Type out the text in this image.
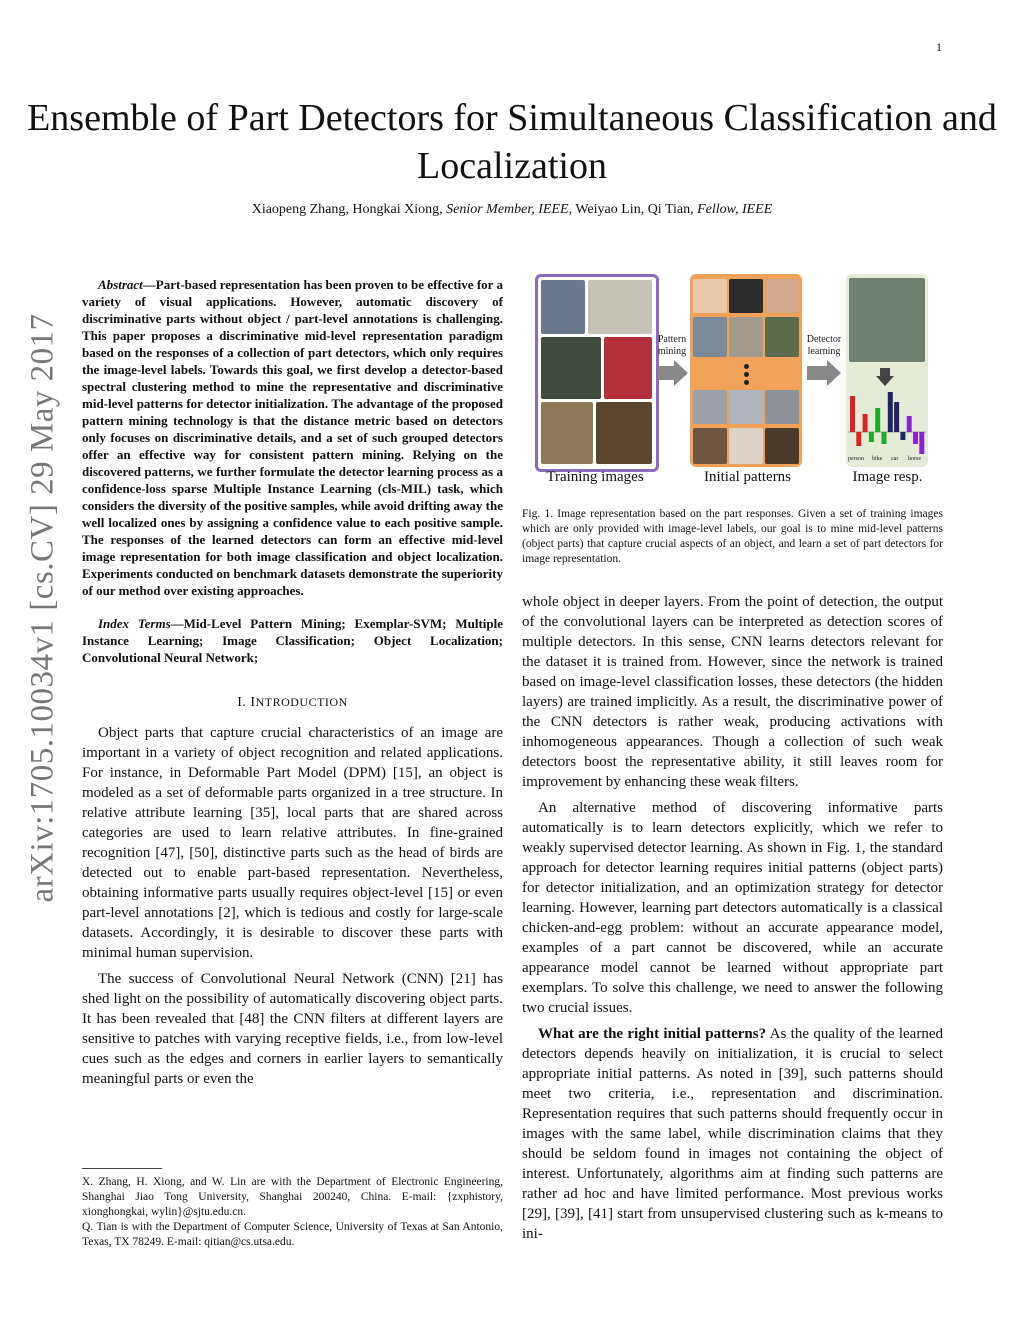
1
arXiv:1705.10034v1 [cs.CV] 29 May 2017
Ensemble of Part Detectors for Simultaneous Classification and Localization
Xiaopeng Zhang, Hongkai Xiong, Senior Member, IEEE, Weiyao Lin, Qi Tian, Fellow, IEEE

Abstract—Part-based representation has been proven to be effective for a variety of visual applications. However, automatic discovery of discriminative parts without object / part-level annotations is challenging. This paper proposes a discriminative mid-level representation paradigm based on the responses of a collection of part detectors, which only requires the image-level labels. Towards this goal, we first develop a detector-based spectral clustering method to mine the representative and discriminative mid-level patterns for detector initialization. The advantage of the proposed pattern mining technology is that the distance metric based on detectors only focuses on discriminative details, and a set of such grouped detectors offer an effective way for consistent pattern mining. Relying on the discovered patterns, we further formulate the detector learning process as a confidence-loss sparse Multiple Instance Learning (cls-MIL) task, which considers the diversity of the positive samples, while avoid drifting away the well localized ones by assigning a confidence value to each positive sample. The responses of the learned detectors can form an effective mid-level image representation for both image classification and object localization. Experiments conducted on benchmark datasets demonstrate the superiority of our method over existing approaches.

Index Terms—Mid-Level Pattern Mining; Exemplar-SVM; Multiple Instance Learning; Image Classification; Object Localization; Convolutional Neural Network;

I. INTRODUCTION

Object parts that capture crucial characteristics of an image are important in a variety of object recognition and related applications. For instance, in Deformable Part Model (DPM) [15], an object is modeled as a set of deformable parts organized in a tree structure. In relative attribute learning [35], local parts that are shared across categories are used to learn relative attributes. In fine-grained recognition [47], [50], distinctive parts such as the head of birds are detected out to enable part-based representation. Nevertheless, obtaining informative parts usually requires object-level [15] or even part-level annotations [2], which is tedious and costly for large-scale datasets. Accordingly, it is desirable to discover these parts with minimal human supervision.

The success of Convolutional Neural Network (CNN) [21] has shed light on the possibility of automatically discovering object parts. It has been revealed that [48] the CNN filters at different layers are sensitive to patches with varying receptive fields, i.e., from low-level cues such as the edges and corners in earlier layers to semantically meaningful parts or even the

X. Zhang, H. Xiong, and W. Lin are with the Department of Electronic Engineering, Shanghai Jiao Tong University, Shanghai 200240, China. E-mail: {zxphistory, xionghongkai, wylin}@sjtu.edu.cn.
Q. Tian is with the Department of Computer Science, University of Texas at San Antonio, Texas, TX 78249. E-mail: qitian@cs.utsa.edu.
Training images
Pattern mining
Initial patterns
Detector learning
person bike car horse
Image resp.
Fig. 1. Image representation based on the part responses. Given a set of training images which are only provided with image-level labels, our goal is to mine mid-level patterns (object parts) that capture crucial aspects of an object, and learn a set of part detectors for image representation.

whole object in deeper layers. From the point of detection, the output of the convolutional layers can be interpreted as detection scores of multiple detectors. In this sense, CNN learns detectors relevant for the dataset it is trained from. However, since the network is trained based on image-level classification losses, these detectors (the hidden layers) are trained implicitly. As a result, the discriminative power of the CNN detectors is rather weak, producing activations with inhomogeneous appearances. Though a collection of such weak detectors boost the representative ability, it still leaves room for improvement by enhancing these weak filters.

An alternative method of discovering informative parts automatically is to learn detectors explicitly, which we refer to weakly supervised detector learning. As shown in Fig. 1, the standard approach for detector learning requires initial patterns (object parts) for detector initialization, and an optimization strategy for detector learning. However, learning part detectors automatically is a classical chicken-and-egg problem: without an accurate appearance model, examples of a part cannot be discovered, while an accurate appearance model cannot be learned without appropriate part exemplars. To solve this challenge, we need to answer the following two crucial issues.

What are the right initial patterns? As the quality of the learned detectors depends heavily on initialization, it is crucial to select appropriate initial patterns. As noted in [39], such patterns should meet two criteria, i.e., representation and discrimination. Representation requires that such patterns should frequently occur in images with the same label, while discrimination claims that they should be seldom found in images not containing the object of interest. Unfortunately, algorithms aim at finding such patterns are rather ad hoc and have limited performance. Most previous works [29], [39], [41] start from unsupervised clustering such as k-means to ini-
